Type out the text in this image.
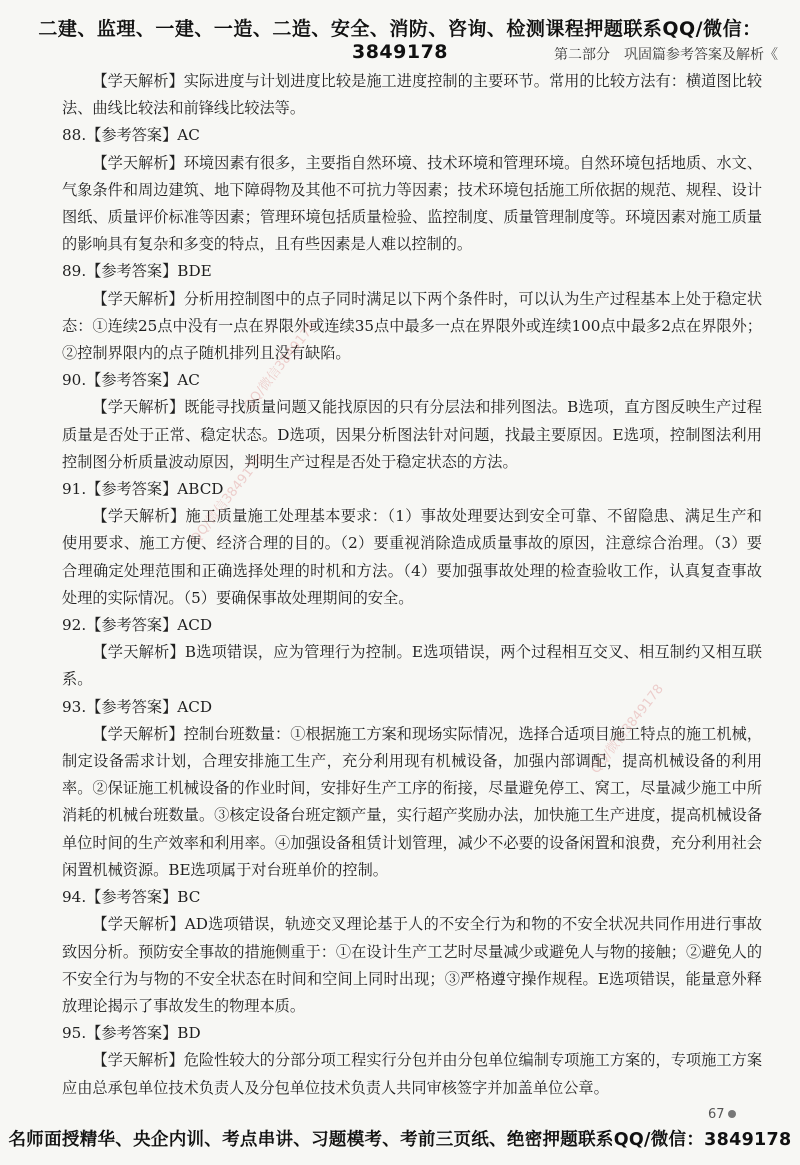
二建、监理、一建、一造、二造、安全、消防、咨询、检测课程押题联系QQ/微信：3849178	第二部分　巩固篇参考答案及解析《

【学天解析】实际进度与计划进度比较是施工进度控制的主要环节。常用的比较方法有：横道图比较法、曲线比较法和前锋线比较法等。

88.【参考答案】AC

【学天解析】环境因素有很多，主要指自然环境、技术环境和管理环境。自然环境包括地质、水文、气象条件和周边建筑、地下障碍物及其他不可抗力等因素；技术环境包括施工所依据的规范、规程、设计图纸、质量评价标准等因素；管理环境包括质量检验、监控制度、质量管理制度等。环境因素对施工质量的影响具有复杂和多变的特点，且有些因素是人难以控制的。

89.【参考答案】BDE

【学天解析】分析用控制图中的点子同时满足以下两个条件时，可以认为生产过程基本上处于稳定状态：①连续25点中没有一点在界限外或连续35点中最多一点在界限外或连续100点中最多2点在界限外；②控制界限内的点子随机排列且没有缺陷。

90.【参考答案】AC

【学天解析】既能寻找质量问题又能找原因的只有分层法和排列图法。B选项，直方图反映生产过程质量是否处于正常、稳定状态。D选项，因果分析图法针对问题，找最主要原因。E选项，控制图法利用控制图分析质量波动原因，判明生产过程是否处于稳定状态的方法。

91.【参考答案】ABCD

【学天解析】施工质量施工处理基本要求：（1）事故处理要达到安全可靠、不留隐患、满足生产和使用要求、施工方便、经济合理的目的。（2）要重视消除造成质量事故的原因，注意综合治理。（3）要合理确定处理范围和正确选择处理的时机和方法。（4）要加强事故处理的检查验收工作，认真复查事故处理的实际情况。（5）要确保事故处理期间的安全。

92.【参考答案】ACD

【学天解析】B选项错误，应为管理行为控制。E选项错误，两个过程相互交叉、相互制约又相互联系。

93.【参考答案】ACD

【学天解析】控制台班数量：①根据施工方案和现场实际情况，选择合适项目施工特点的施工机械，制定设备需求计划，合理安排施工生产，充分利用现有机械设备，加强内部调配，提高机械设备的利用率。②保证施工机械设备的作业时间，安排好生产工序的衔接，尽量避免停工、窝工，尽量减少施工中所消耗的机械台班数量。③核定设备台班定额产量，实行超产奖励办法，加快施工生产进度，提高机械设备单位时间的生产效率和利用率。④加强设备租赁计划管理，减少不必要的设备闲置和浪费，充分利用社会闲置机械资源。BE选项属于对台班单价的控制。

94.【参考答案】BC

【学天解析】AD选项错误，轨迹交叉理论基于人的不安全行为和物的不安全状况共同作用进行事故致因分析。预防安全事故的措施侧重于：①在设计生产工艺时尽量减少或避免人与物的接触；②避免人的不安全行为与物的不安全状态在时间和空间上同时出现；③严格遵守操作规程。E选项错误，能量意外释放理论揭示了事故发生的物理本质。

95.【参考答案】BD

【学天解析】危险性较大的分部分项工程实行分包并由分包单位编制专项施工方案的，专项施工方案应由总承包单位技术负责人及分包单位技术负责人共同审核签字并加盖单位公章。

QQ/微信3849178
QQ/微信3849178
QQ/微信3849178
67
名师面授精华、央企内训、考点串讲、习题模考、考前三页纸、绝密押题联系QQ/微信：3849178
